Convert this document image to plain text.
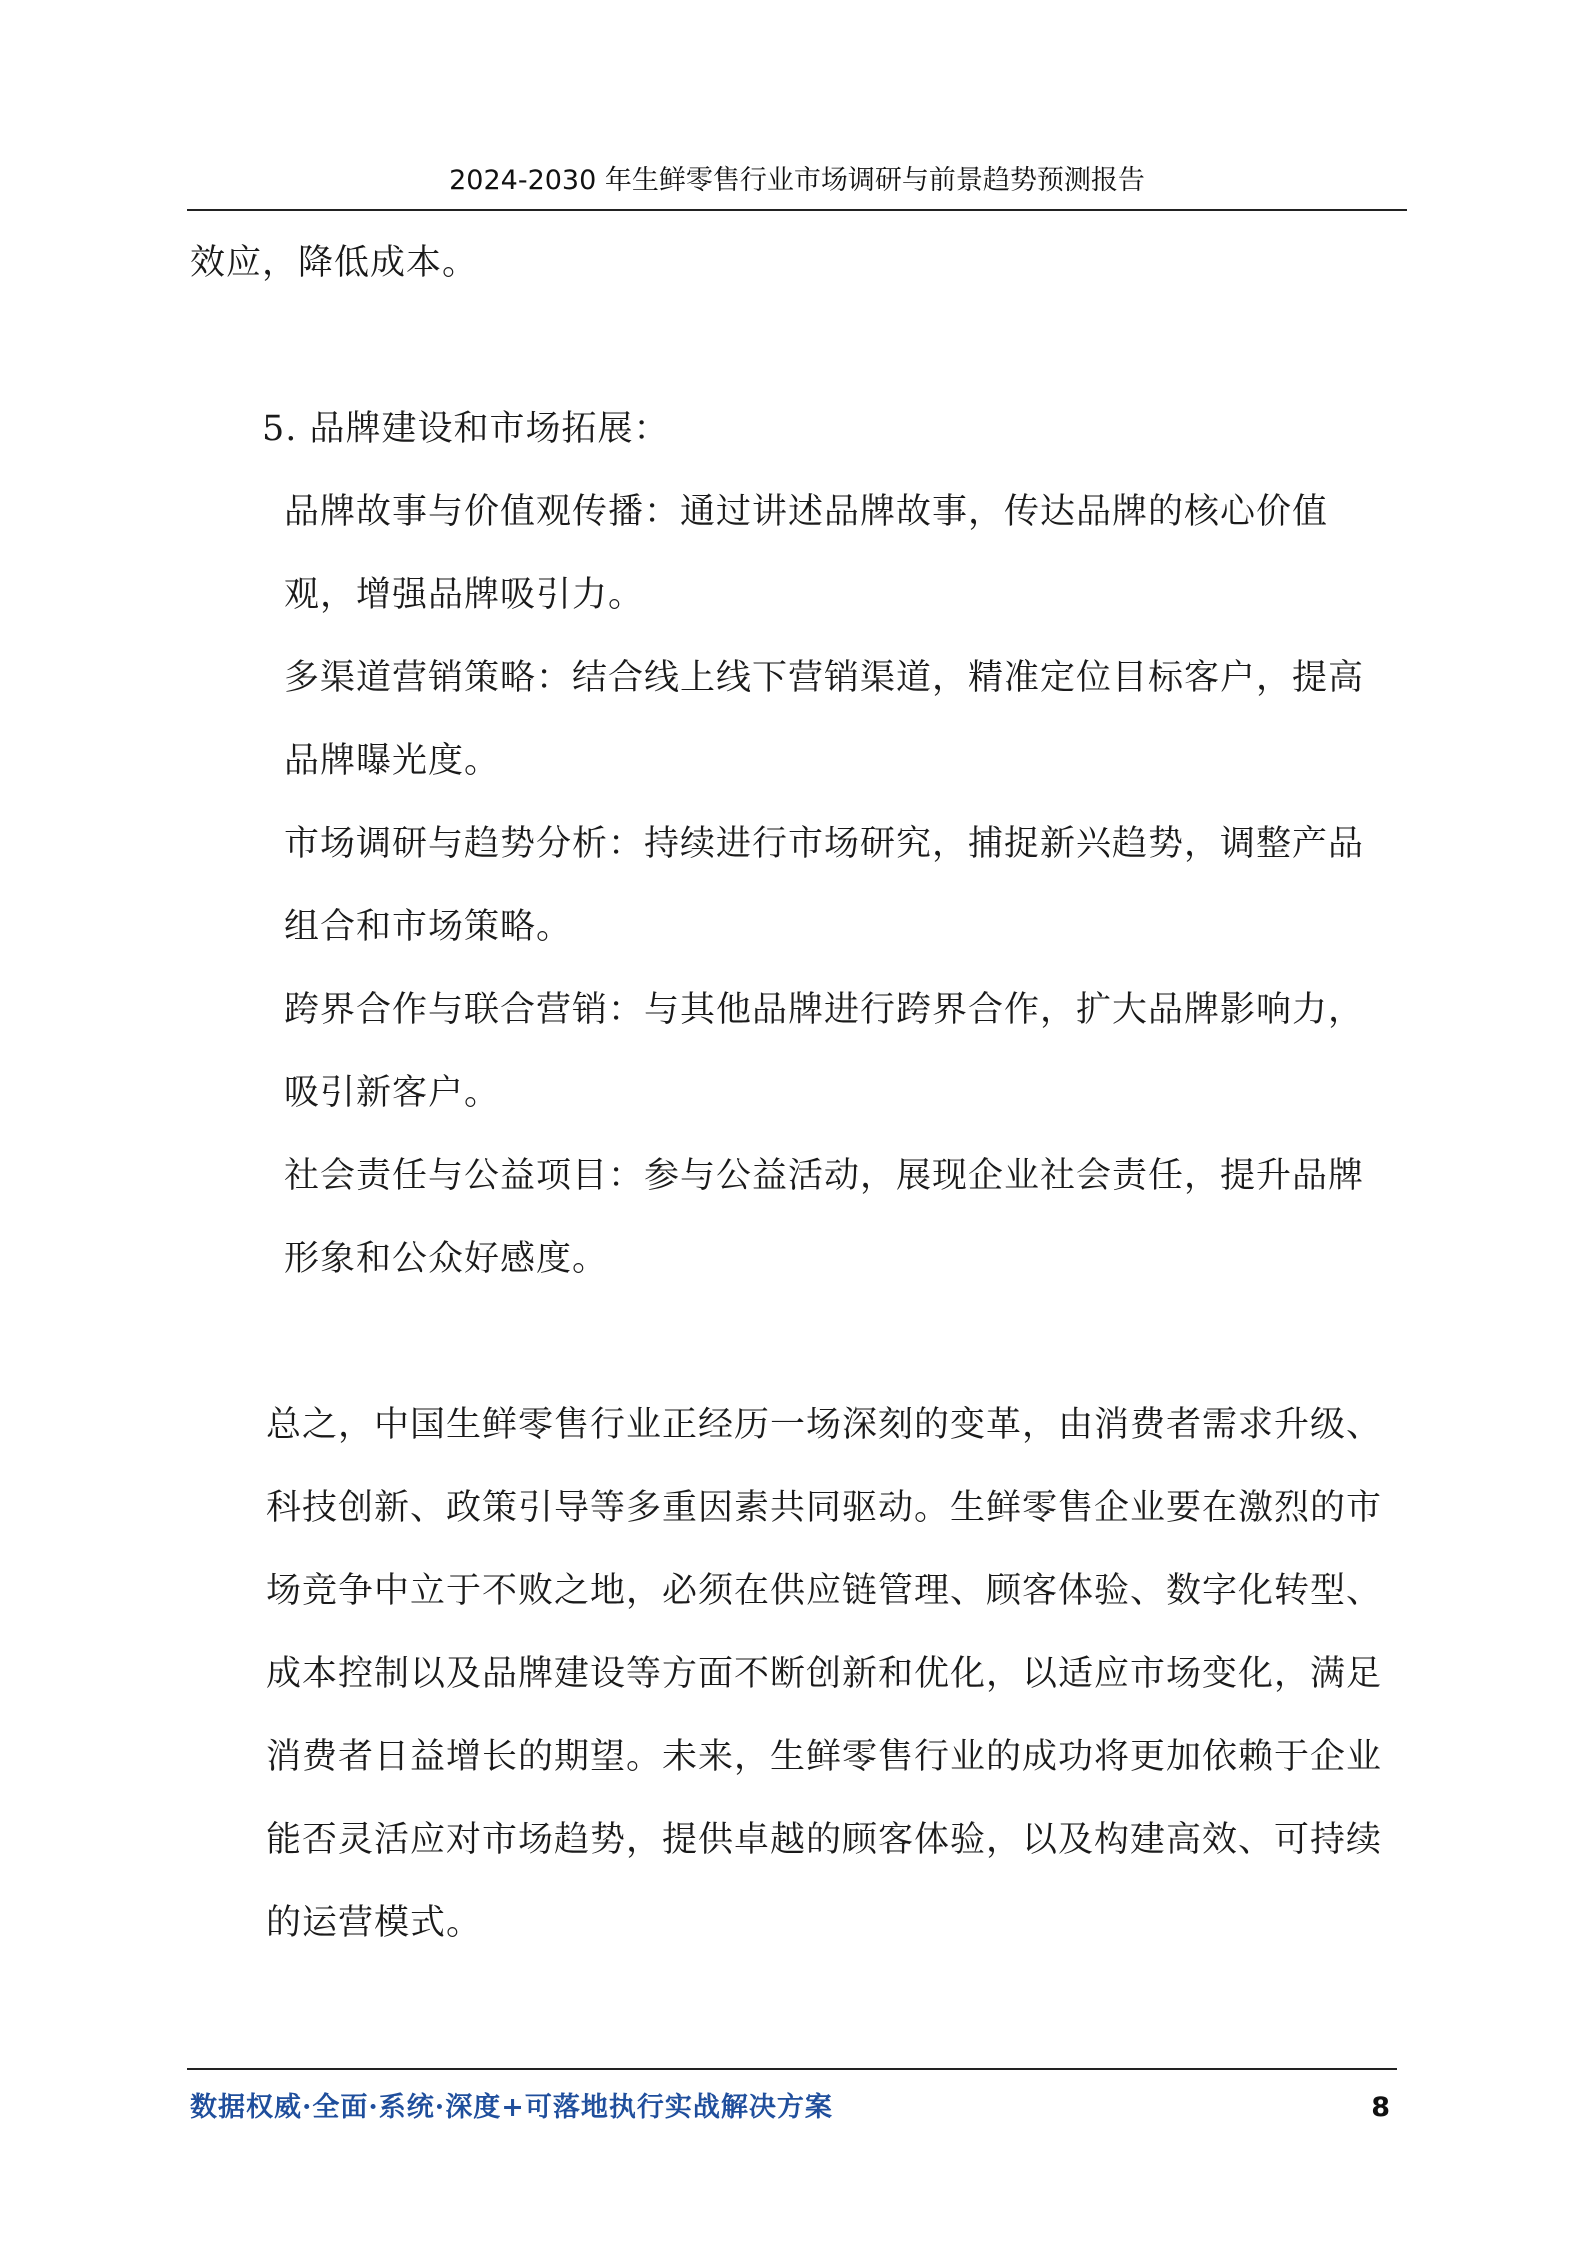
2024-2030 年生鲜零售行业市场调研与前景趋势预测报告

效应，降低成本。

5. 品牌建设和市场拓展：

品牌故事与价值观传播：通过讲述品牌故事，传达品牌的核心价值观，增强品牌吸引力。

多渠道营销策略：结合线上线下营销渠道，精准定位目标客户，提高品牌曝光度。

市场调研与趋势分析：持续进行市场研究，捕捉新兴趋势，调整产品组合和市场策略。

跨界合作与联合营销：与其他品牌进行跨界合作，扩大品牌影响力，吸引新客户。

社会责任与公益项目：参与公益活动，展现企业社会责任，提升品牌形象和公众好感度。

总之，中国生鲜零售行业正经历一场深刻的变革，由消费者需求升级、科技创新、政策引导等多重因素共同驱动。生鲜零售企业要在激烈的市场竞争中立于不败之地，必须在供应链管理、顾客体验、数字化转型、成本控制以及品牌建设等方面不断创新和优化，以适应市场变化，满足消费者日益增长的期望。未来，生鲜零售行业的成功将更加依赖于企业能否灵活应对市场趋势，提供卓越的顾客体验，以及构建高效、可持续的运营模式。

数据权威·全面·系统·深度+可落地执行实战解决方案	8
